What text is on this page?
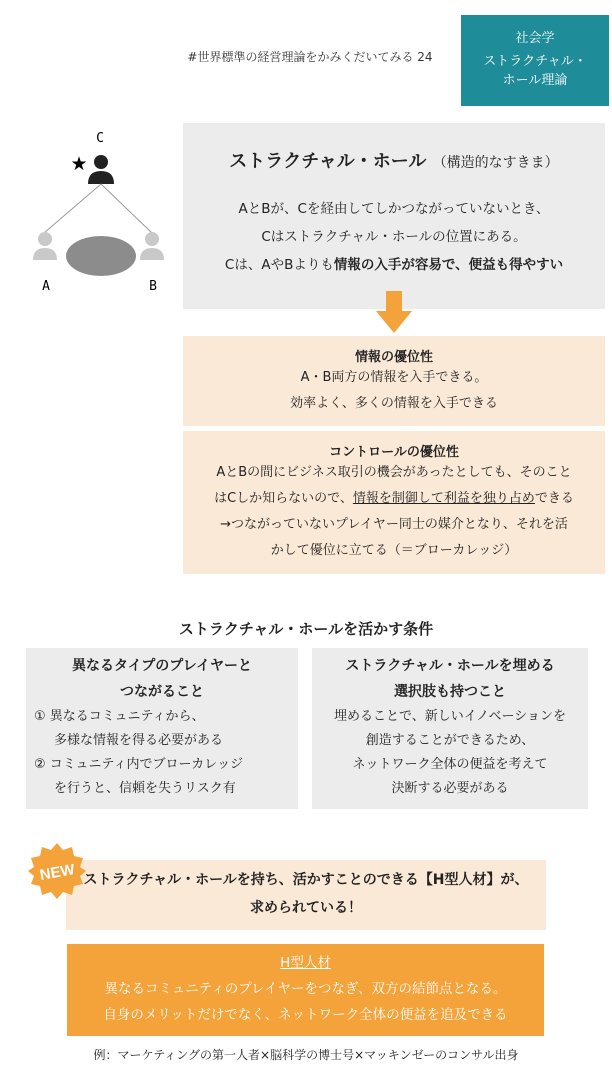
#世界標準の経営理論をかみくだいてみる 24
社会学
ストラクチャル・
ホール理論
C
★
A	B
ストラクチャル・ホール （構造的なすきま）
AとBが、Cを経由してしかつながっていないとき、
Cはストラクチャル・ホールの位置にある。
Cは、AやBよりも情報の入手が容易で、便益も得やすい
情報の優位性
A・B両方の情報を入手できる。
効率よく、多くの情報を入手できる
コントロールの優位性
AとBの間にビジネス取引の機会があったとしても、そのこと
はCしか知らないので、情報を制御して利益を独り占めできる
→つながっていないプレイヤー同士の媒介となり、それを活
かして優位に立てる（＝ブローカレッジ）
ストラクチャル・ホールを活かす条件
異なるタイプのプレイヤーと
つながること
① 異なるコミュニティから、
多様な情報を得る必要がある
② コミュニティ内でブローカレッジ
を行うと、信頼を失うリスク有
ストラクチャル・ホールを埋める
選択肢も持つこと
埋めることで、新しいイノベーションを
創造することができるため、
ネットワーク全体の便益を考えて
決断する必要がある
ストラクチャル・ホールを持ち、活かすことのできる【H型人材】が、
求められている！
NEW
H型人材
異なるコミュニティのプレイヤーをつなぎ、双方の結節点となる。
自身のメリットだけでなく、ネットワーク全体の便益を追及できる
例：マーケティングの第一人者×脳科学の博士号×マッキンゼーのコンサル出身
